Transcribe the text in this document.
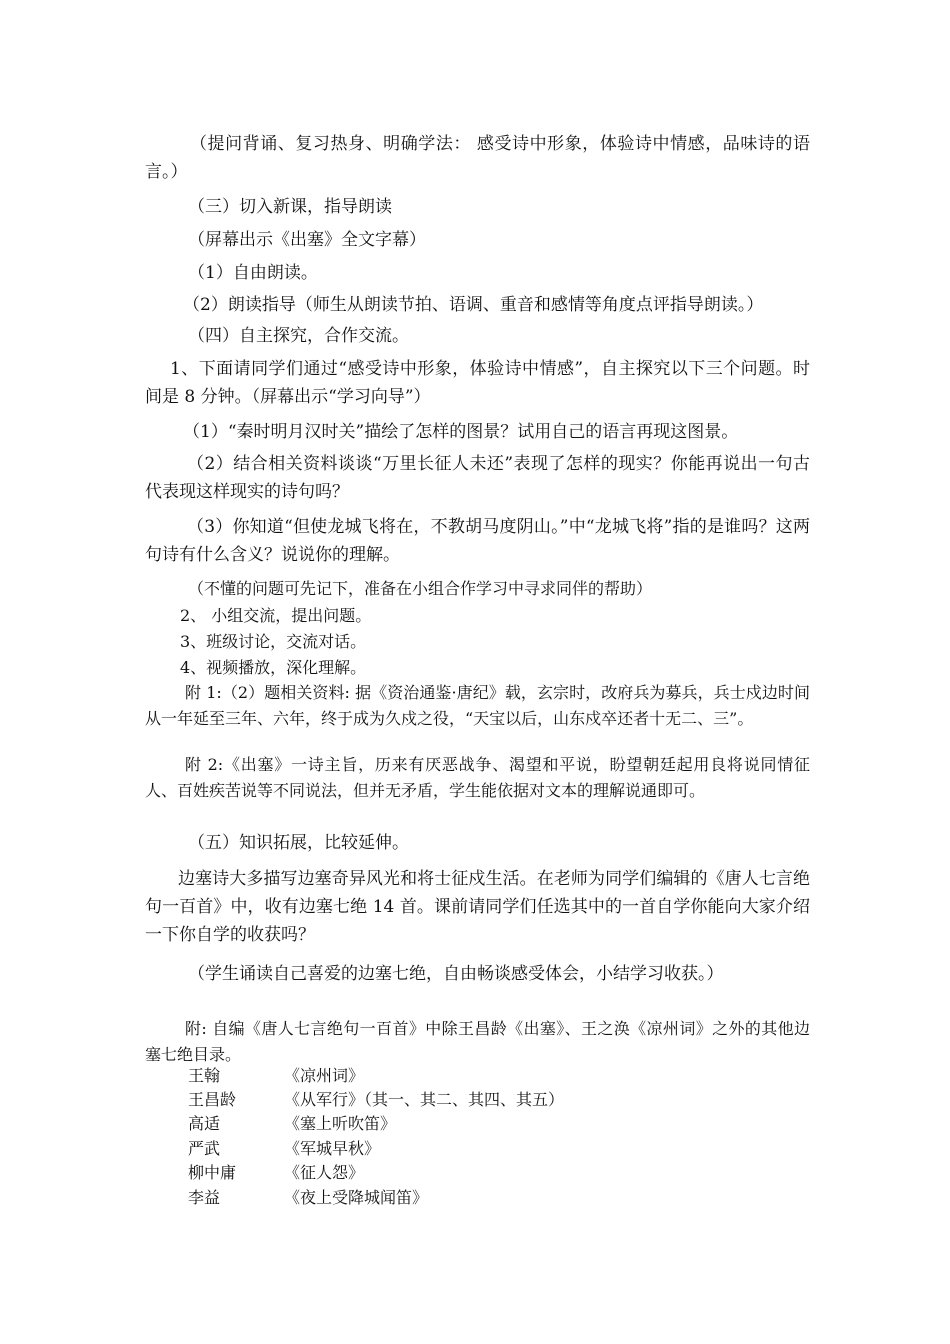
（提问背诵、复习热身、明确学法： 感受诗中形象，体验诗中情感，品味诗的语言。）

（三）切入新课，指导朗读

（屏幕出示《出塞》全文字幕）

（1）自由朗读。

（2）朗读指导（师生从朗读节拍、语调、重音和感情等角度点评指导朗读。）

（四）自主探究，合作交流。

1、下面请同学们通过“感受诗中形象，体验诗中情感”，自主探究以下三个问题。时间是 8 分钟。（屏幕出示“学习向导”）

（1）“秦时明月汉时关”描绘了怎样的图景？试用自己的语言再现这图景。

（2）结合相关资料谈谈“万里长征人未还”表现了怎样的现实？你能再说出一句古代表现这样现实的诗句吗？

（3）你知道“但使龙城飞将在，不教胡马度阴山。”中“龙城飞将”指的是谁吗？这两句诗有什么含义？说说你的理解。

（不懂的问题可先记下，准备在小组合作学习中寻求同伴的帮助）

2、 小组交流，提出问题。

3、班级讨论，交流对话。

4、视频播放，深化理解。

附 1:（2）题相关资料: 据《资治通鉴·唐纪》载，玄宗时，改府兵为募兵，兵士戍边时间从一年延至三年、六年，终于成为久戍之役，“天宝以后，山东戍卒还者十无二、三”。

附 2:《出塞》一诗主旨，历来有厌恶战争、渴望和平说，盼望朝廷起用良将说同情征人、百姓疾苦说等不同说法，但并无矛盾，学生能依据对文本的理解说通即可。

（五）知识拓展，比较延伸。

边塞诗大多描写边塞奇异风光和将士征戍生活。在老师为同学们编辑的《唐人七言绝句一百首》中，收有边塞七绝 14 首。课前请同学们任选其中的一首自学你能向大家介绍一下你自学的收获吗？

（学生诵读自己喜爱的边塞七绝，自由畅谈感受体会，小结学习收获。）

附: 自编《唐人七言绝句一百首》中除王昌龄《出塞》、王之涣《凉州词》之外的其他边塞七绝目录。

王翰	《凉州词》
王昌龄	《从军行》（其一、其二、其四、其五）
高适	《塞上听吹笛》
严武	《军城早秋》
柳中庸	《征人怨》
李益	《夜上受降城闻笛》
